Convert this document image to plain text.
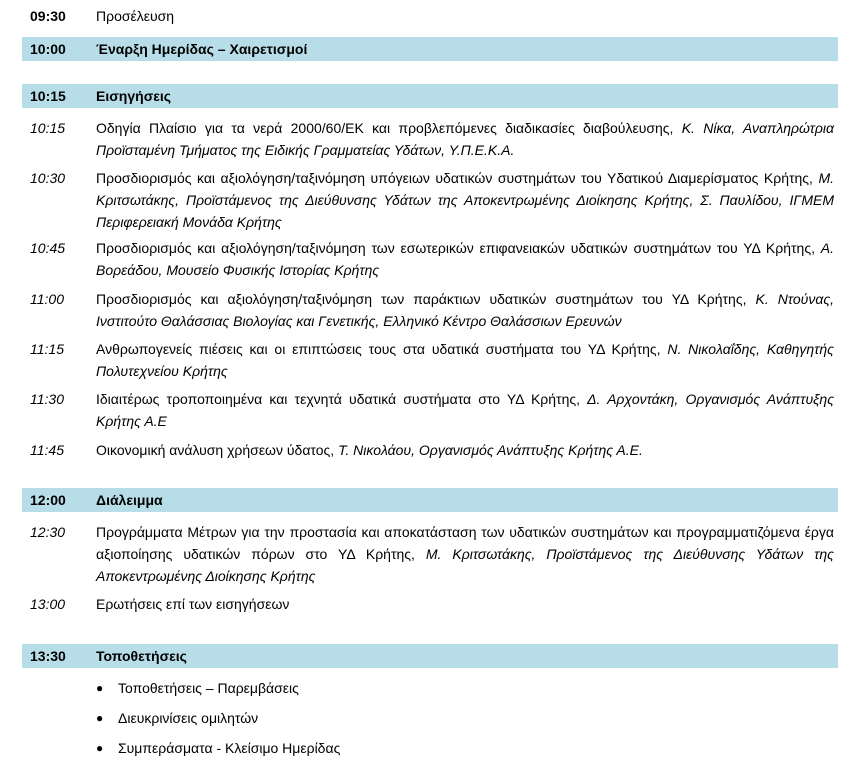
09:30	Προσέλευση
10:00	Έναρξη Ημερίδας – Χαιρετισμοί
10:15	Εισηγήσεις
10:15	Οδηγία Πλαίσιο για τα νερά 2000/60/ΕΚ και προβλεπόμενες διαδικασίες διαβούλευσης, Κ. Νίκα, Αναπληρώτρια Προϊσταμένη Τμήματος της Ειδικής Γραμματείας Υδάτων, Υ.Π.Ε.Κ.Α.
10:30	Προσδιορισμός και αξιολόγηση/ταξινόμηση υπόγειων υδατικών συστημάτων του Υδατικού Διαμερίσματος Κρήτης, Μ. Κριτσωτάκης, Προϊστάμενος της Διεύθυνσης Υδάτων της Αποκεντρωμένης Διοίκησης Κρήτης, Σ. Παυλίδου, ΙΓΜΕΜ Περιφερειακή Μονάδα Κρήτης
10:45	Προσδιορισμός και αξιολόγηση/ταξινόμηση των εσωτερικών επιφανειακών υδατικών συστημάτων του ΥΔ Κρήτης, Α. Βορεάδου, Μουσείο Φυσικής Ιστορίας Κρήτης
11:00	Προσδιορισμός και αξιολόγηση/ταξινόμηση των παράκτιων υδατικών συστημάτων του ΥΔ Κρήτης, Κ. Ντούνας, Ινστιτούτο Θαλάσσιας Βιολογίας και Γενετικής, Ελληνικό Κέντρο Θαλάσσιων Ερευνών
11:15	Ανθρωπογενείς πιέσεις και οι επιπτώσεις τους στα υδατικά συστήματα του ΥΔ Κρήτης, Ν. Νικολαΐδης, Καθηγητής Πολυτεχνείου Κρήτης
11:30	Ιδιαιτέρως τροποποιημένα και τεχνητά υδατικά συστήματα στο ΥΔ Κρήτης, Δ. Αρχοντάκη, Οργανισμός Ανάπτυξης Κρήτης Α.Ε
11:45	Οικονομική ανάλυση χρήσεων ύδατος, Τ. Νικολάου, Οργανισμός Ανάπτυξης Κρήτης Α.Ε.
12:00	Διάλειμμα
12:30	Προγράμματα Μέτρων για την προστασία και αποκατάσταση των υδατικών συστημάτων και προγραμματιζόμενα έργα αξιοποίησης υδατικών πόρων στο ΥΔ Κρήτης, Μ. Κριτσωτάκης, Προϊστάμενος της Διεύθυνσης Υδάτων της Αποκεντρωμένης Διοίκησης Κρήτης
13:00	Ερωτήσεις επί των εισηγήσεων
13:30	Τοποθετήσεις
●	Τοποθετήσεις – Παρεμβάσεις
●	Διευκρινίσεις ομιλητών
●	Συμπεράσματα - Κλείσιμο Ημερίδας
